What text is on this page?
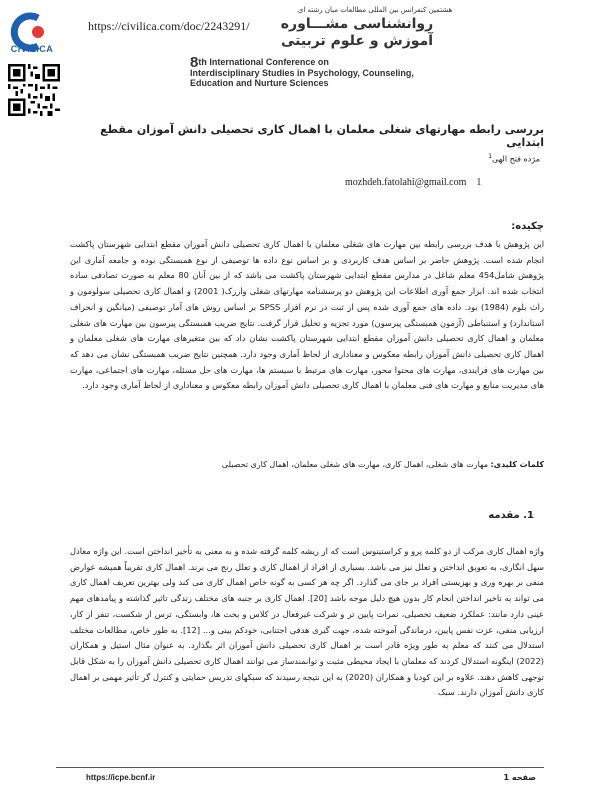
CIVILICA
https://civilica.com/doc/2243291/
هشتمین کنفرانس بین المللی مطالعات میان رشته ای
روانشناسی مشـــاوره
آموزش و علوم تربیتی
8th International Conference on
Interdisciplinary Studies in Psychology, Counseling,
Education and Nurture Sciences
بررسی رابطه مهارتهای شغلی معلمان با اهمال کاری تحصیلی دانش آموزان مقطع ابتدایی
مژده فتح الهی$^1$
mozhdeh.fatolahi@gmail.com 1
چکیده:
این پژوهش با هدف بررسی رابطه بین مهارت های شغلی معلمان با اهمال کاری تحصیلی دانش آموزان مقطع ابتدایی شهرستان پاکشت انجام شده است. پژوهش حاضر بر اساس هدف کاربردی و بر اساس نوع داده ها توصیفی از نوع همبستگی بوده و جامعه آماری این پژوهش شامل454 معلم شاغل در مدارس مقطع ابتدایی شهرستان پاکشت می باشد که از بین آنان 80 معلم به صورت تصادفی ساده انتخاب شده اند. ابزار جمع آوری اطلاعات این پژوهش دو پرسشنامه مهارتهای شغلی وارزک( 2001) و اهمال کاری تحصیلی سولومون و راث بلوم (1984) بود. داده های جمع آوری شده پس از ثبت در نرم افزار SPSS بر اساس روش های آمار توصیفی (میانگین و انحراف استاندارد) و استنباطی (آزمون همبستگی پیرسون) مورد تجزیه و تحلیل قرار گرفت. نتایج ضریب همبستگی پیرسون بین مهارت های شغلی معلمان و اهمال کاری تحصیلی دانش آموزان مقطع ابتدایی شهرستان پاکشت نشان داد که بین متغیرهای مهارت های شغلی معلمان و اهمال کاری تحصیلی دانش آموزان رابطه معکوس و معناداری از لحاظ آماری وجود دارد. همچنین نتایج ضریب همبستگی نشان می دهد که بین مهارت های فرایندی، مهارت های محتوا محور، مهارت های مرتبط با سیستم ها، مهارت های حل مسئله، مهارت های اجتماعی، مهارت های مدیریت منابع و مهارت های فنی معلمان با اهمال کاری تحصیلی دانش آموزان رابطه معکوس و معناداری از لحاظ آماری وجود دارد.
کلمات کلیدی: مهارت های شغلی، اهمال کاری، مهارت های شغلی معلمان، اهمال کاری تحصیلی
1. مقدمه
واژه اهمال کاری مرکب از دو کلمه پرو و کراستینوس است که از ریشه کلمه گرفته شده و به معنی به تأخیر انداختن است. این واژه معادل سهل انگاری، به تعویق انداختن و تعلل نیز می باشد. بسیاری از افراد از اهمال کاری و تعلل رنج می برند. اهمال کاری تقریباً همیشه عوارض منفی بر بهره وری و بهزیستی افراد بر جای می گذارد. اگر چه هر کسی به گونه خاص اهمال کاری می کند ولی بهترین تعریف اهمال کاری می تواند به تاخیر انداختن انجام کار بدون هیچ دلیل موجه باشد [20]. اهمال کاری بر جنبه های مختلف زندگی تاثیر گذاشته و پیامدهای مهم عینی دارد مانند: عملکرد ضعیف تحصیلی، نمرات پایین تر و شرکت غیرفعال در کلاس و بحث ها، وابستگی، ترس از شکست، تنفر از کار، ارزیابی منفی، عزت نفس پایین، درماندگی آموخته شده، جهت گیری هدفی اجتنابی، خودکم بینی و... [12]. به طور خاص، مطالعات مختلف استدلال می کنند که معلم به طور ویژه قادر است بر اهمال کاری تحصیلی دانش آموزان اثر بگذارد. به عنوان مثال استیل و همکاران (2022) اینگونه استدلال کردند که معلمان با ایجاد محیطی مثبت و توانمندساز می توانند اهمال کاری تحصیلی دانش آموزان را به شکل قابل توجهی کاهش دهند. علاوه بر این کودیا و همکاران (2020) به این نتیجه رسیدند که سبکهای تدریس حمایتی و کنترل گر تأثیر مهمی بر اهمال کاری دانش آموزان دارند. سبک
https://icpe.bcnf.ir	صفحه 1
